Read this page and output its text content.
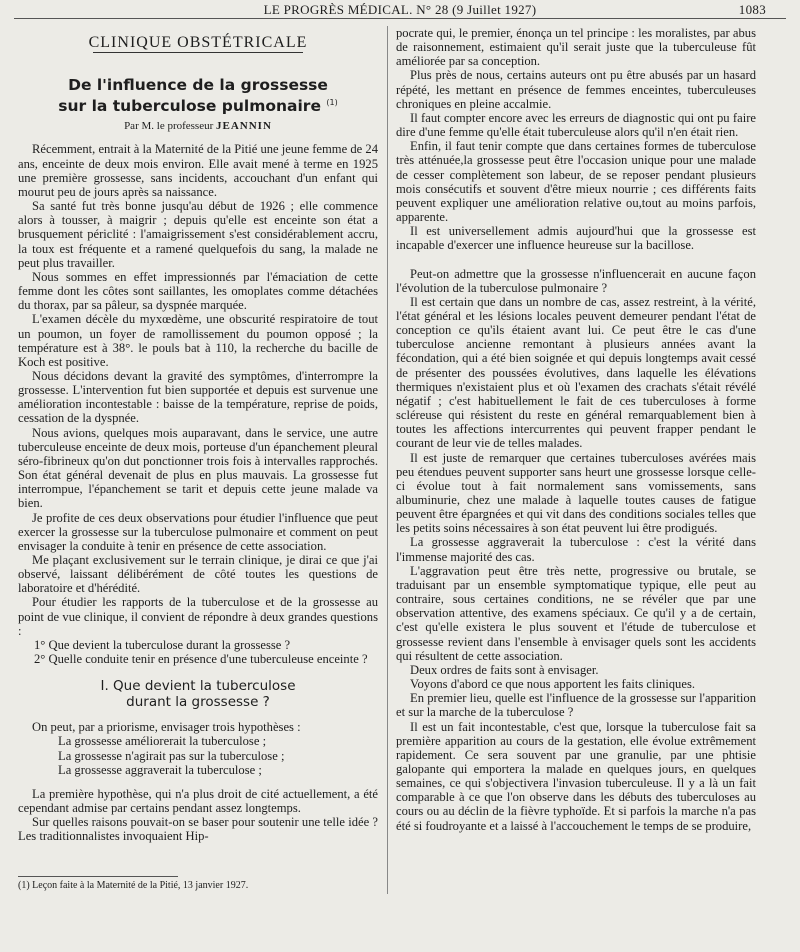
LE PROGRÈS MÉDICAL. N° 28 (9 Juillet 1927)	1083
CLINIQUE OBSTÉTRICALE
De l'influence de la grossesse
sur la tuberculose pulmonaire $^{(1)}$
Par M. le professeur JEANNIN

Récemment, entrait à la Maternité de la Pitié une jeune femme de 24 ans, enceinte de deux mois environ. Elle avait mené à terme en 1925 une première grossesse, sans incidents, accouchant d'un enfant qui mourut peu de jours après sa naissance.

Sa santé fut très bonne jusqu'au début de 1926 ; elle commence alors à tousser, à maigrir ; depuis qu'elle est enceinte son état a brusquement périclité : l'amaigrissement s'est considérablement accru, la toux est fréquente et a ramené quelquefois du sang, la malade ne peut plus travailler.

Nous sommes en effet impressionnés par l'émaciation de cette femme dont les côtes sont saillantes, les omoplates comme détachées du thorax, par sa pâleur, sa dyspnée marquée.

L'examen décèle du myxœdème, une obscurité respiratoire de tout un poumon, un foyer de ramollissement du poumon opposé ; la température est à 38°. le pouls bat à 110, la recherche du bacille de Koch est positive.

Nous décidons devant la gravité des symptômes, d'interrompre la grossesse. L'intervention fut bien supportée et depuis est survenue une amélioration incontestable : baisse de la température, reprise de poids, cessation de la dyspnée.

Nous avions, quelques mois auparavant, dans le service, une autre tuberculeuse enceinte de deux mois, porteuse d'un épanchement pleural séro-fibrineux qu'on dut ponctionner trois fois à intervalles rapprochés. Son état général devenait de plus en plus mauvais. La grossesse fut interrompue, l'épanchement se tarit et depuis cette jeune malade va bien.

Je profite de ces deux observations pour étudier l'influence que peut exercer la grossesse sur la tuberculose pulmonaire et comment on peut envisager la conduite à tenir en présence de cette association.

Me plaçant exclusivement sur le terrain clinique, je dirai ce que j'ai observé, laissant délibérément de côté toutes les questions de laboratoire et d'hérédité.

Pour étudier les rapports de la tuberculose et de la grossesse au point de vue clinique, il convient de répondre à deux grandes questions :

1° Que devient la tuberculose durant la grossesse ?

2° Quelle conduite tenir en présence d'une tuberculeuse enceinte ?

I. Que devient la tuberculose
durant la grossesse ?

On peut, par a priorisme, envisager trois hypothèses :

La grossesse améliorerait la tuberculose ;
La grossesse n'agirait pas sur la tuberculose ;
La grossesse aggraverait la tuberculose ;

La première hypothèse, qui n'a plus droit de cité actuellement, a été cependant admise par certains pendant assez longtemps.

Sur quelles raisons pouvait-on se baser pour soutenir une telle idée ? Les traditionnalistes invoquaient Hip-

pocrate qui, le premier, énonça un tel principe : les moralistes, par abus de raisonnement, estimaient qu'il serait juste que la tuberculeuse fût améliorée par sa conception.

Plus près de nous, certains auteurs ont pu être abusés par un hasard répété, les mettant en présence de femmes enceintes, tuberculeuses chroniques en pleine accalmie.

Il faut compter encore avec les erreurs de diagnostic qui ont pu faire dire d'une femme qu'elle était tuberculeuse alors qu'il n'en était rien.

Enfin, il faut tenir compte que dans certaines formes de tuberculose très atténuée,la grossesse peut être l'occasion unique pour une malade de cesser complètement son labeur, de se reposer pendant plusieurs mois consécutifs et souvent d'être mieux nourrie ; ces différents faits peuvent expliquer une amélioration relative ou,tout au moins parfois, apparente.

Il est universellement admis aujourd'hui que la grossesse est incapable d'exercer une influence heureuse sur la bacillose.

Peut-on admettre que la grossesse n'influencerait en aucune façon l'évolution de la tuberculose pulmonaire ?

Il est certain que dans un nombre de cas, assez restreint, à la vérité, l'état général et les lésions locales peuvent demeurer pendant l'état de conception ce qu'ils étaient avant lui. Ce peut être le cas d'une tuberculose ancienne remontant à plusieurs années avant la fécondation, qui a été bien soignée et qui depuis longtemps avait cessé de présenter des poussées évolutives, dans laquelle les élévations thermiques n'existaient plus et où l'examen des crachats s'était révélé négatif ; c'est habituellement le fait de ces tuberculoses à forme scléreuse qui résistent du reste en général remarquablement bien à toutes les affections intercurrentes qui peuvent frapper pendant le courant de leur vie de telles malades.

Il est juste de remarquer que certaines tuberculoses avérées mais peu étendues peuvent supporter sans heurt une grossesse lorsque celle-ci évolue tout à fait normalement sans vomissements, sans albuminurie, chez une malade à laquelle toutes causes de fatigue peuvent être épargnées et qui vit dans des conditions sociales telles que les petits soins nécessaires à son état peuvent lui être prodigués.

La grossesse aggraverait la tuberculose : c'est la vérité dans l'immense majorité des cas.

L'aggravation peut être très nette, progressive ou brutale, se traduisant par un ensemble symptomatique typique, elle peut au contraire, sous certaines conditions, ne se révéler que par une observation attentive, des examens spéciaux. Ce qu'il y a de certain, c'est qu'elle existera le plus souvent et l'étude de tuberculose et grossesse revient dans l'ensemble à envisager quels sont les accidents qui résultent de cette association.

Deux ordres de faits sont à envisager.

Voyons d'abord ce que nous apportent les faits cliniques.

En premier lieu, quelle est l'influence de la grossesse sur l'apparition et sur la marche de la tuberculose ?

Il est un fait incontestable, c'est que, lorsque la tuberculose fait sa première apparition au cours de la gestation, elle évolue extrêmement rapidement. Ce sera souvent par une granulie, par une phtisie galopante qui emportera la malade en quelques jours, en quelques semaines, ce qui s'objectivera l'invasion tuberculeuse. Il y a là un fait comparable à ce que l'on observe dans les débuts des tuberculoses au cours ou au déclin de la fièvre typhoïde. Et si parfois la marche n'a pas été si foudroyante et a laissé à l'accouchement le temps de se produire,

(1) Leçon faite à la Maternité de la Pitié, 13 janvier 1927.
